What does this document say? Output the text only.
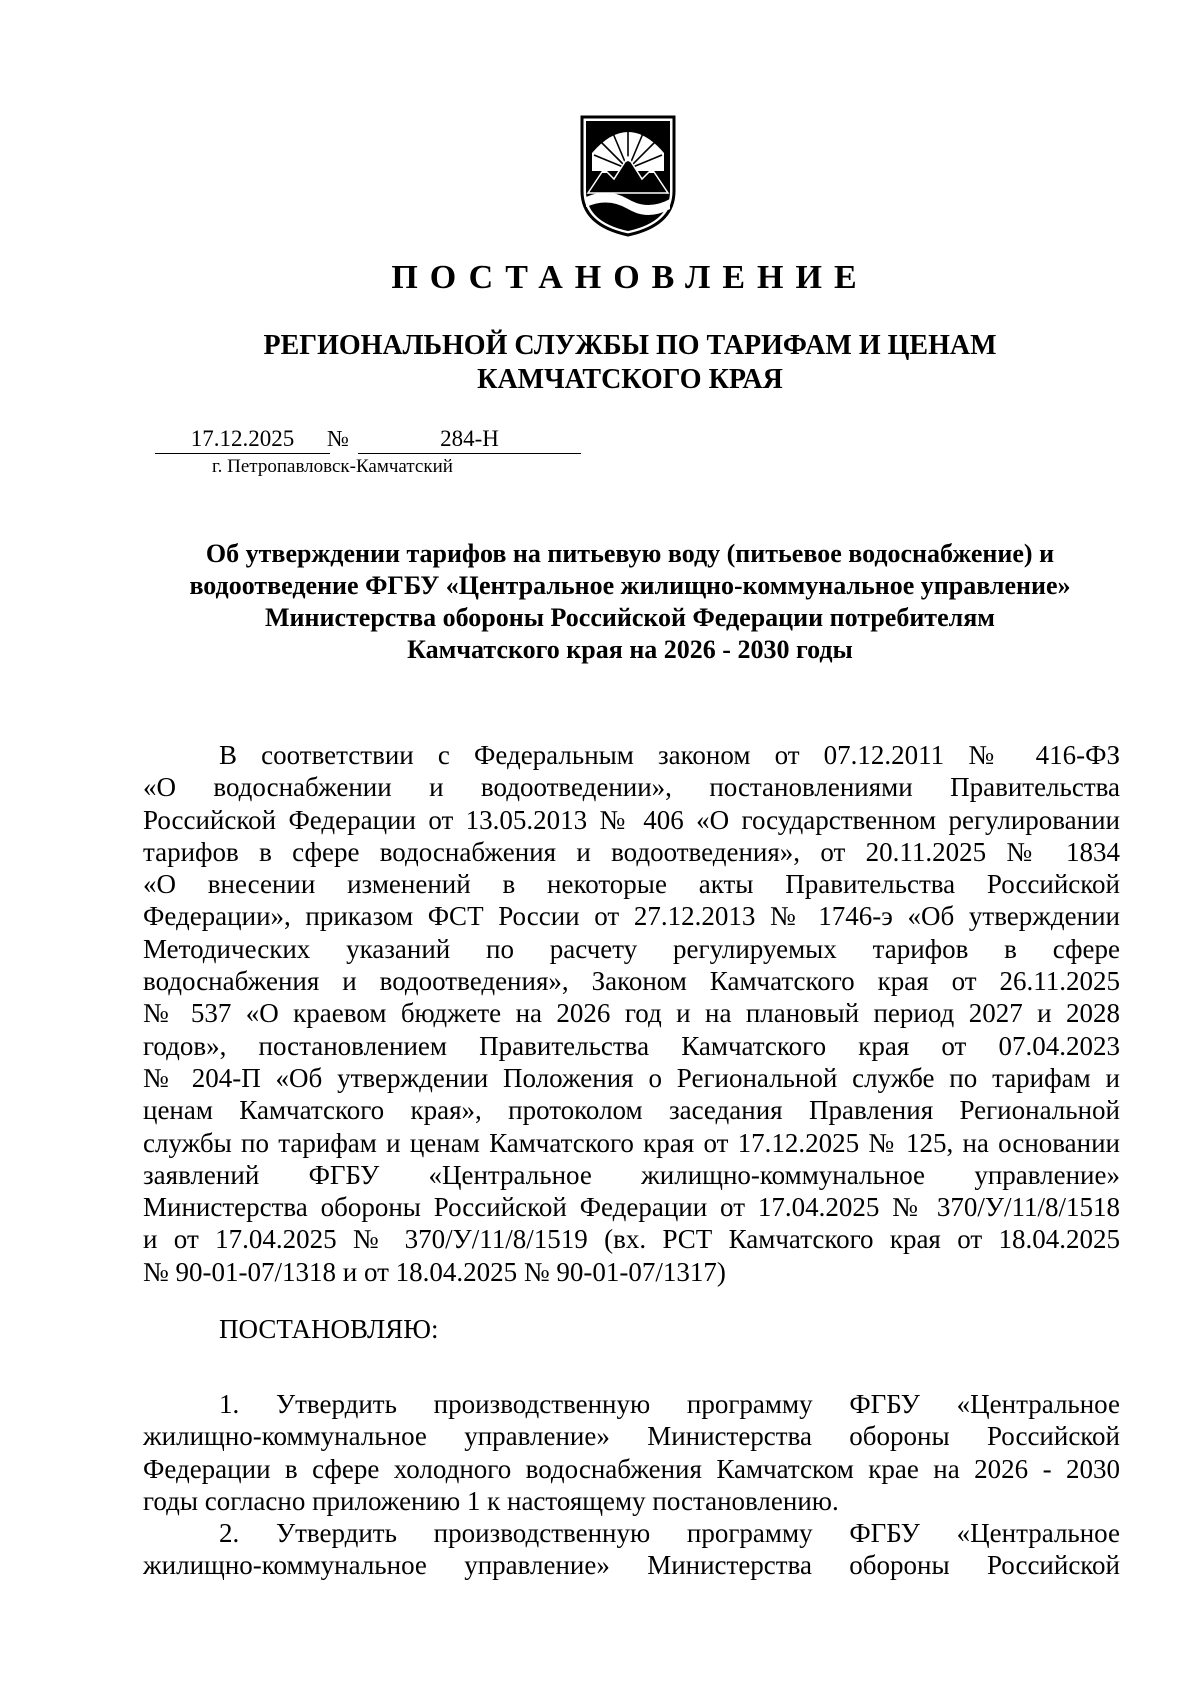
ПОСТАНОВЛЕНИЕ
РЕГИОНАЛЬНОЙ СЛУЖБЫ ПО ТАРИФАМ И ЦЕНАМ
КАМЧАТСКОГО КРАЯ
17.12.2025	№	284-Н
г. Петропавловск-Камчатский
Об утверждении тарифов на питьевую воду (питьевое водоснабжение) и
водоотведение ФГБУ «Центральное жилищно-коммунальное управление»
Министерства обороны Российской Федерации потребителям
Камчатского края на 2026 - 2030 годы
В соответствии с Федеральным законом от 07.12.2011 № 416-ФЗ
«О водоснабжении и водоотведении», постановлениями Правительства
Российской Федерации от 13.05.2013 № 406 «О государственном регулировании
тарифов в сфере водоснабжения и водоотведения», от 20.11.2025 № 1834
«О внесении изменений в некоторые акты Правительства Российской
Федерации», приказом ФСТ России от 27.12.2013 № 1746-э «Об утверждении
Методических указаний по расчету регулируемых тарифов в сфере
водоснабжения и водоотведения», Законом Камчатского края от 26.11.2025
№ 537 «О краевом бюджете на 2026 год и на плановый период 2027 и 2028
годов», постановлением Правительства Камчатского края от 07.04.2023
№ 204-П «Об утверждении Положения о Региональной службе по тарифам и
ценам Камчатского края», протоколом заседания Правления Региональной
службы по тарифам и ценам Камчатского края от 17.12.2025 № 125, на основании
заявлений ФГБУ «Центральное жилищно-коммунальное управление»
Министерства обороны Российской Федерации от 17.04.2025 № 370/У/11/8/1518
и от 17.04.2025 № 370/У/11/8/1519 (вх. РСТ Камчатского края от 18.04.2025
№ 90-01-07/1318 и от 18.04.2025 № 90-01-07/1317)
ПОСТАНОВЛЯЮ:
1. Утвердить производственную программу ФГБУ «Центральное
жилищно-коммунальное управление» Министерства обороны Российской
Федерации в сфере холодного водоснабжения Камчатском крае на 2026 - 2030
годы согласно приложению 1 к настоящему постановлению.
2. Утвердить производственную программу ФГБУ «Центральное
жилищно-коммунальное управление» Министерства обороны Российской
